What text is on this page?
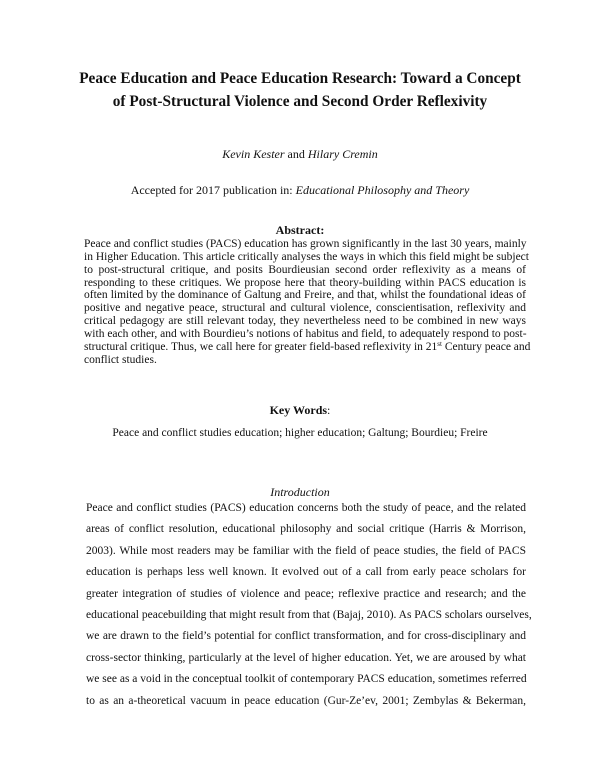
Peace Education and Peace Education Research: Toward a Concept
of Post-Structural Violence and Second Order Reflexivity
Kevin Kester and Hilary Cremin
Accepted for 2017 publication in: Educational Philosophy and Theory
Abstract:
Peace and conflict studies (PACS) education has grown significantly in the last 30 years, mainly
in Higher Education. This article critically analyses the ways in which this field might be subject
to post-structural critique, and posits Bourdieusian second order reflexivity as a means of
responding to these critiques. We propose here that theory-building within PACS education is
often limited by the dominance of Galtung and Freire, and that, whilst the foundational ideas of
positive and negative peace, structural and cultural violence, conscientisation, reflexivity and
critical pedagogy are still relevant today, they nevertheless need to be combined in new ways
with each other, and with Bourdieu’s notions of habitus and field, to adequately respond to post-
structural critique. Thus, we call here for greater field-based reflexivity in 21st Century peace and
conflict studies.
Key Words:
Peace and conflict studies education; higher education; Galtung; Bourdieu; Freire
Introduction
Peace and conflict studies (PACS) education concerns both the study of peace, and the related
areas of conflict resolution, educational philosophy and social critique (Harris & Morrison,
2003). While most readers may be familiar with the field of peace studies, the field of PACS
education is perhaps less well known. It evolved out of a call from early peace scholars for
greater integration of studies of violence and peace; reflexive practice and research; and the
educational peacebuilding that might result from that (Bajaj, 2010). As PACS scholars ourselves,
we are drawn to the field’s potential for conflict transformation, and for cross-disciplinary and
cross-sector thinking, particularly at the level of higher education. Yet, we are aroused by what
we see as a void in the conceptual toolkit of contemporary PACS education, sometimes referred
to as an a-theoretical vacuum in peace education (Gur-Ze’ev, 2001; Zembylas & Bekerman,
